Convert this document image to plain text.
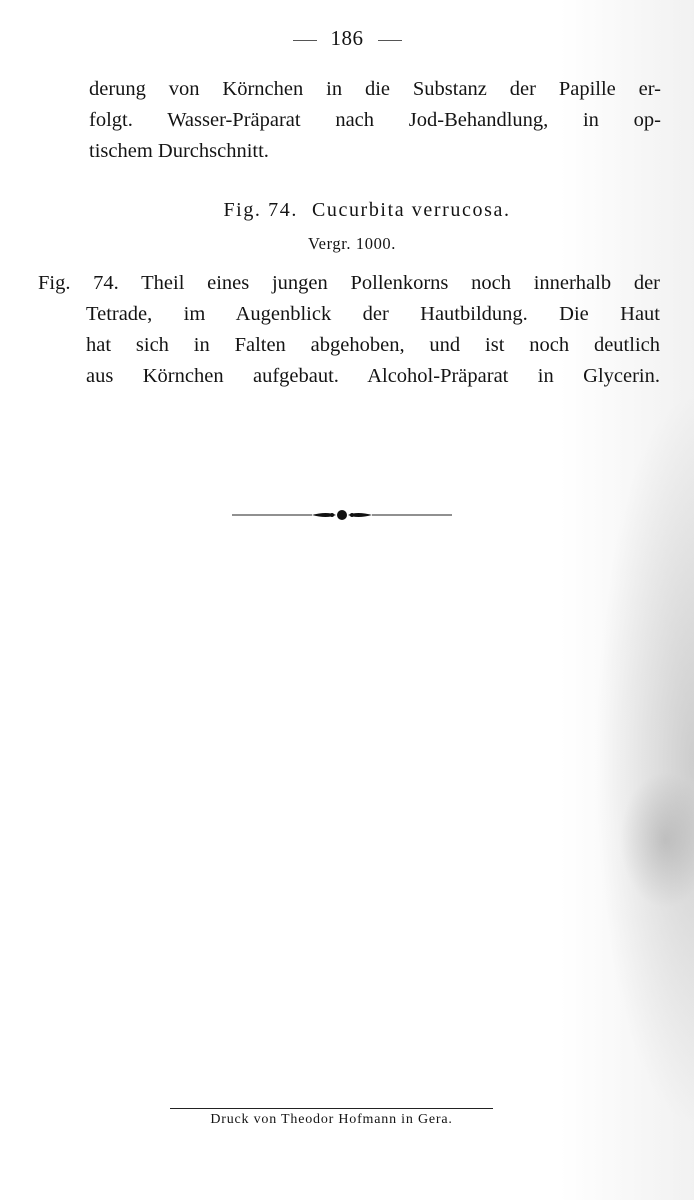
186
derung von Körnchen in die Substanz der Papille er-
folgt. Wasser-Präparat nach Jod-Behandlung, in op-
tischem Durchschnitt.
Fig. 74. Cucurbita verrucosa.
Vergr. 1000.
Fig. 74. Theil eines jungen Pollenkorns noch innerhalb der
Tetrade, im Augenblick der Hautbildung. Die Haut
hat sich in Falten abgehoben, und ist noch deutlich
aus Körnchen aufgebaut. Alcohol-Präparat in Glycerin.
Druck von Theodor Hofmann in Gera.
